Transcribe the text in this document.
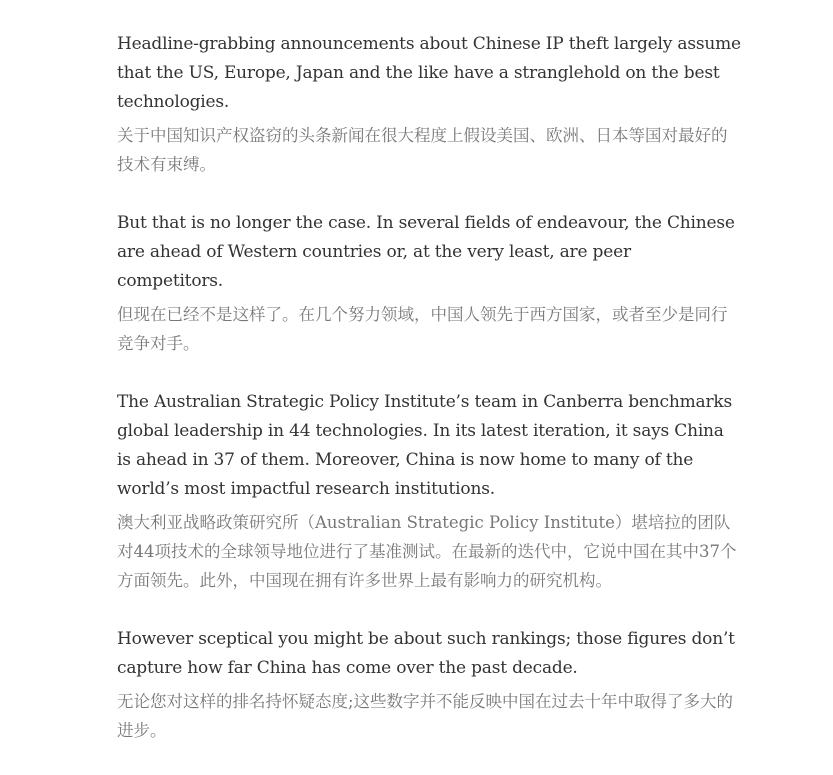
Headline-grabbing announcements about Chinese IP theft largely assume that the US, Europe, Japan and the like have a stranglehold on the best technologies.

关于中国知识产权盗窃的头条新闻在很大程度上假设美国、欧洲、日本等国对最好的技术有束缚。

But that is no longer the case. In several fields of endeavour, the Chinese are ahead of Western countries or, at the very least, are peer competitors.

但现在已经不是这样了。在几个努力领域，中国人领先于西方国家，或者至少是同行竞争对手。

The Australian Strategic Policy Institute’s team in Canberra benchmarks global leadership in 44 technologies. In its latest iteration, it says China is ahead in 37 of them. Moreover, China is now home to many of the world’s most impactful research institutions.

澳大利亚战略政策研究所（Australian Strategic Policy Institute）堪培拉的团队对44项技术的全球领导地位进行了基准测试。在最新的迭代中，它说中国在其中37个方面领先。此外，中国现在拥有许多世界上最有影响力的研究机构。

However sceptical you might be about such rankings; those figures don’t capture how far China has come over the past decade.

无论您对这样的排名持怀疑态度;这些数字并不能反映中国在过去十年中取得了多大的进步。
